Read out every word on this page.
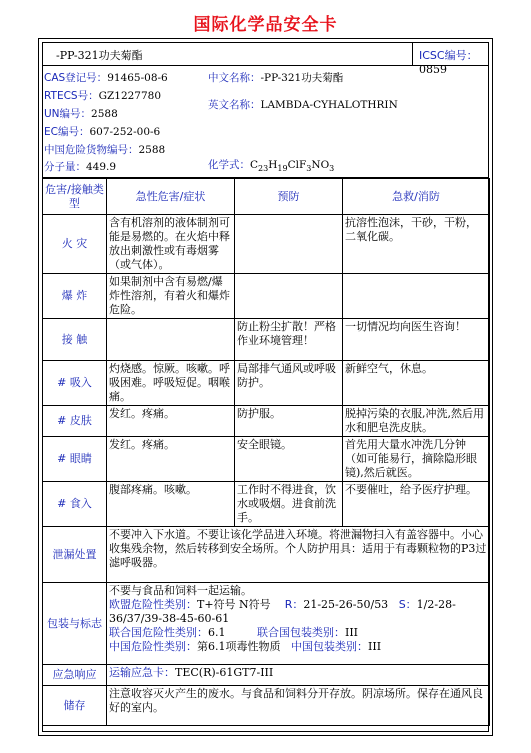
国际化学品安全卡
-PP-321功夫菊酯	ICSC编号：0859
CAS登记号：91465-08-6
RTECS号：GZ1227780
UN编号：2588
EC编号：607-252-00-6
中国危险货物编号：2588
分子量：449.9
中文名称：-PP-321功夫菊酯
英文名称：LAMBDA-CYHALOTHRIN
化学式：$C_{23}H_{19}ClF_3NO_3$
危害/接触类型	急性危害/症状	预防	急救/消防
火 灾	含有机溶剂的液体制剂可能是易燃的。在火焰中释放出刺激性或有毒烟雾（或气体）。		抗溶性泡沫，干砂，干粉，二氧化碳。
爆 炸	如果制剂中含有易燃/爆炸性溶剂，有着火和爆炸危险。		
接 触		防止粉尘扩散！严格作业环境管理！	一切情况均向医生咨询！
# 吸入	灼烧感。惊厥。咳嗽。呼吸困难。呼吸短促。咽喉痛。	局部排气通风或呼吸防护。	新鲜空气，休息。
# 皮肤	发红。疼痛。	防护服。	脱掉污染的衣服,冲洗,然后用水和肥皂洗皮肤。
# 眼睛	发红。疼痛。	安全眼镜。	首先用大量水冲洗几分钟（如可能易行，摘除隐形眼镜),然后就医。
# 食入	腹部疼痛。咳嗽。	工作时不得进食，饮水或吸烟。进食前洗手。	不要催吐，给予医疗护理。
泄漏处置	不要冲入下水道。不要让该化学品进入环境。将泄漏物扫入有盖容器中。小心收集残余物，然后转移到安全场所。个人防护用具：适用于有毒颗粒物的P3过滤呼吸器。		
包装与标志	不要与食品和饲料一起运输。
欧盟危险性类别：T+符号 N符号 R：21-25-26-50/53 S：1/2-28-36/37/39-38-45-60-61
联合国危险性类别：6.1 联合国包装类别：III
中国危险性类别：第6.1项毒性物质 中国包装类别：III		

应急响应	运输应急卡：TEC(R)-61GT7-III		
储存	注意收容灭火产生的废水。与食品和饲料分开存放。阴凉场所。保存在通风良好的室内。		
